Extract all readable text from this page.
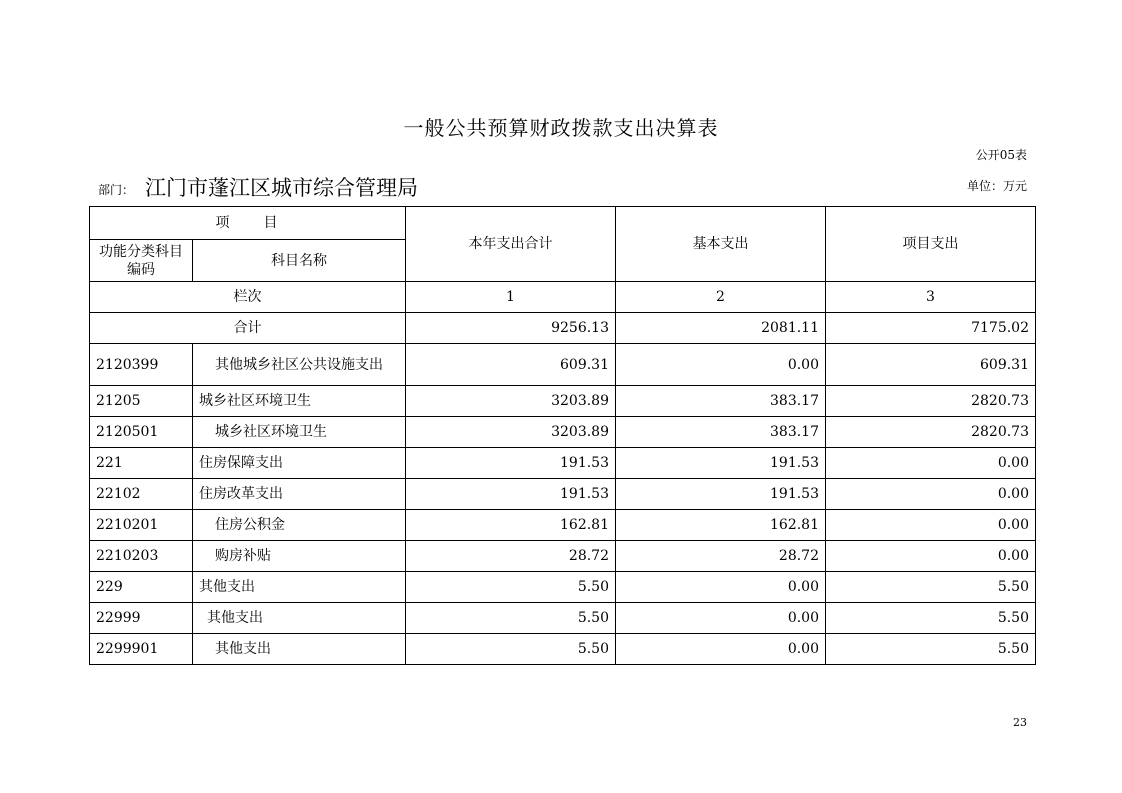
一般公共预算财政拨款支出决算表
公开05表
部门： 江门市蓬江区城市综合管理局	单位：万元
项　　目		本年支出合计	基本支出	项目支出
功能分类科目编码	科目名称			
栏次		1	2	3
合计		9256.13	2081.11	7175.02
2120399	其他城乡社区公共设施支出	609.31	0.00	609.31
21205	城乡社区环境卫生	3203.89	383.17	2820.73
2120501	城乡社区环境卫生	3203.89	383.17	2820.73
221	住房保障支出	191.53	191.53	0.00
22102	住房改革支出	191.53	191.53	0.00
2210201	住房公积金	162.81	162.81	0.00
2210203	购房补贴	28.72	28.72	0.00
229	其他支出	5.50	0.00	5.50
22999	其他支出	5.50	0.00	5.50
2299901	其他支出	5.50	0.00	5.50
23
